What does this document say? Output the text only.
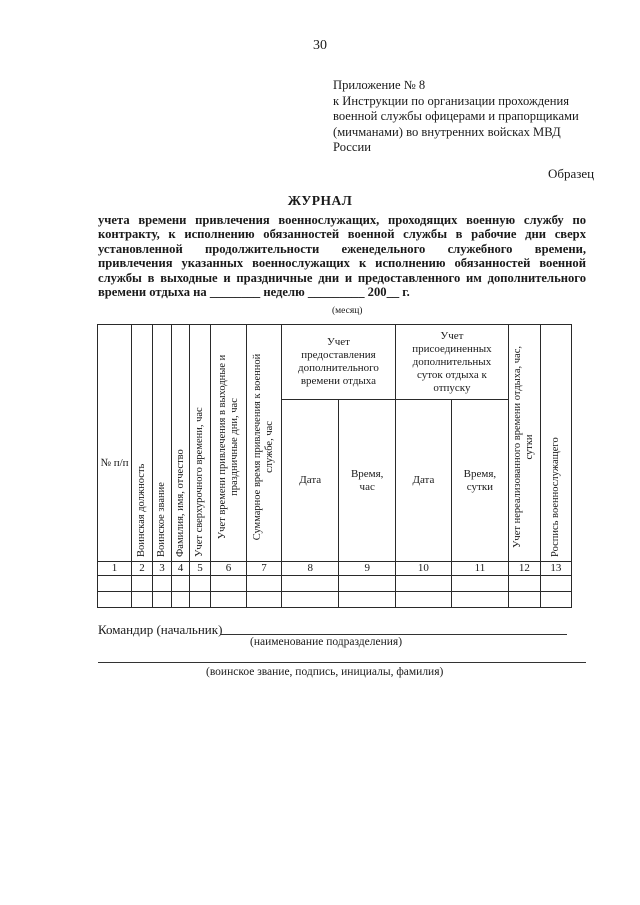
30
Приложение № 8
к Инструкции по организации прохождения
военной службы офицерами и прапорщиками
(мичманами) во внутренних войсках МВД
России
Образец
ЖУРНАЛ
учета времени привлечения военнослужащих, проходящих военную службу по
контракту, к исполнению обязанностей военной службы в рабочие дни сверх
установленной продолжительности еженедельного служебного времени,
привлечения указанных военнослужащих к исполнению обязанностей военной
службы в выходные и праздничные дни и предоставленного им дополнительного
времени отдыха на ________ неделю _________ 200__ г.
(месяц)
№ п/п	Воинская должность	Воинское звание	Фамилия, имя, отчество	Учет сверхурочного времени, час	Учет времени привлечения в выходные и праздничные дни, час	Суммарное время привлечения к военной службе, час	Учет предоставления дополнительного времени отдыха		Учет присоединенных дополнительных суток отдыха к отпуску		Учет нереализованного времени отдыха, час, сутки	Роспись военнослужащего

							Дата	Время, час	Дата	Время, сутки		
1	2	3	4	5	6	7	8	9	10	11	12	13

Командир (начальник)
(наименование подразделения)
(воинское звание, подпись, инициалы, фамилия)
